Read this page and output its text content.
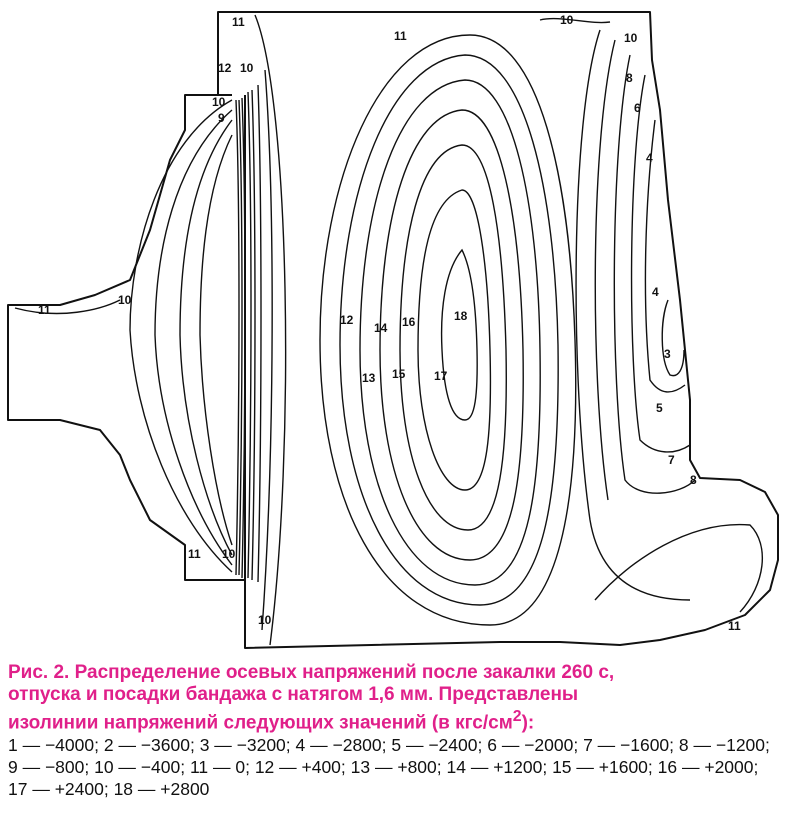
11
11
10
10
12 10
10
9
10
11
12
14 16	18
13 15 17
8
6
4
4
3
5
7
8
11 10
10	11
Рис. 2. Распределение осевых напряжений после закалки 260 с,
отпуска и посадки бандажа с натягом 1,6 мм. Представлены
изолинии напряжений следующих значений (в кгс/$см^2$):
1 — −4000; 2 — −3600; 3 — −3200; 4 — −2800; 5 — −2400; 6 — −2000; 7 — −1600; 8 — −1200; 9 — −800; 10 — −400; 11 — 0; 12 — +400; 13 — +800; 14 — +1200; 15 — +1600; 16 — +2000; 17 — +2400; 18 — +2800
